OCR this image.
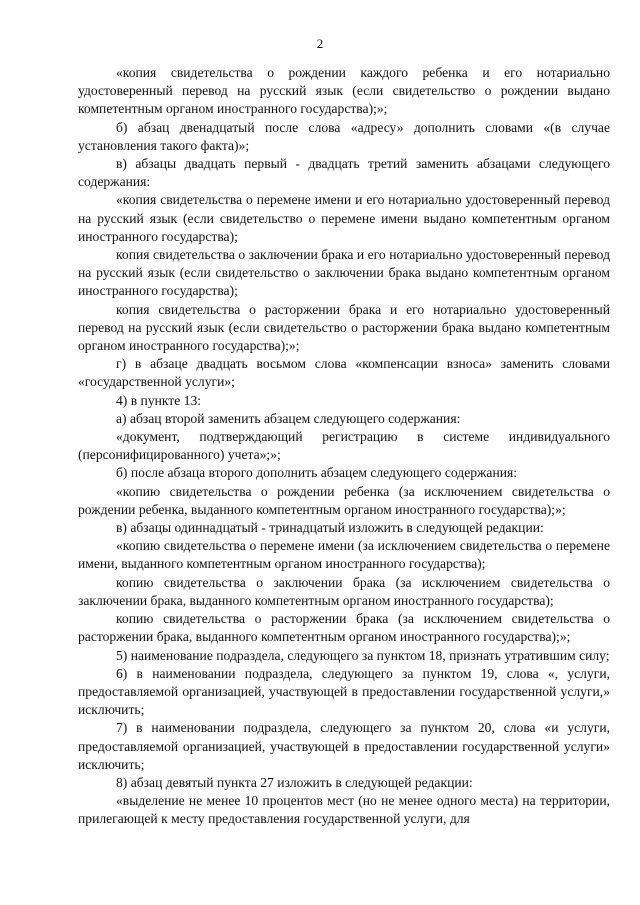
2

«копия свидетельства о рождении каждого ребенка и его нотариально удостоверенный перевод на русский язык (если свидетельство о рождении выдано компетентным органом иностранного государства);»;

б) абзац двенадцатый после слова «адресу» дополнить словами «(в случае установления такого факта)»;

в) абзацы двадцать первый - двадцать третий заменить абзацами следующего содержания:

«копия свидетельства о перемене имени и его нотариально удостоверенный перевод на русский язык (если свидетельство о перемене имени выдано компетентным органом иностранного государства);

копия свидетельства о заключении брака и его нотариально удостоверенный перевод на русский язык (если свидетельство о заключении брака выдано компетентным органом иностранного государства);

копия свидетельства о расторжении брака и его нотариально удостоверенный перевод на русский язык (если свидетельство о расторжении брака выдано компетентным органом иностранного государства);»;

г) в абзаце двадцать восьмом слова «компенсации взноса» заменить словами «государственной услуги»;

4) в пункте 13:

а) абзац второй заменить абзацем следующего содержания:

«документ, подтверждающий регистрацию в системе индивидуального (персонифицированного) учета»;»;

б) после абзаца второго дополнить абзацем следующего содержания:

«копию свидетельства о рождении ребенка (за исключением свидетельства о рождении ребенка, выданного компетентным органом иностранного государства);»;

в) абзацы одиннадцатый - тринадцатый изложить в следующей редакции:

«копию свидетельства о перемене имени (за исключением свидетельства о перемене имени, выданного компетентным органом иностранного государства);

копию свидетельства о заключении брака (за исключением свидетельства о заключении брака, выданного компетентным органом иностранного государства);

копию свидетельства о расторжении брака (за исключением свидетельства о расторжении брака, выданного компетентным органом иностранного государства);»;

5) наименование подраздела, следующего за пунктом 18, признать утратившим силу;

6) в наименовании подраздела, следующего за пунктом 19, слова «, услуги, предоставляемой организацией, участвующей в предоставлении государственной услуги,» исключить;

7) в наименовании подраздела, следующего за пунктом 20, слова «и услуги, предоставляемой организацией, участвующей в предоставлении государственной услуги» исключить;

8) абзац девятый пункта 27 изложить в следующей редакции:

«выделение не менее 10 процентов мест (но не менее одного места) на территории, прилегающей к месту предоставления государственной услуги, для
